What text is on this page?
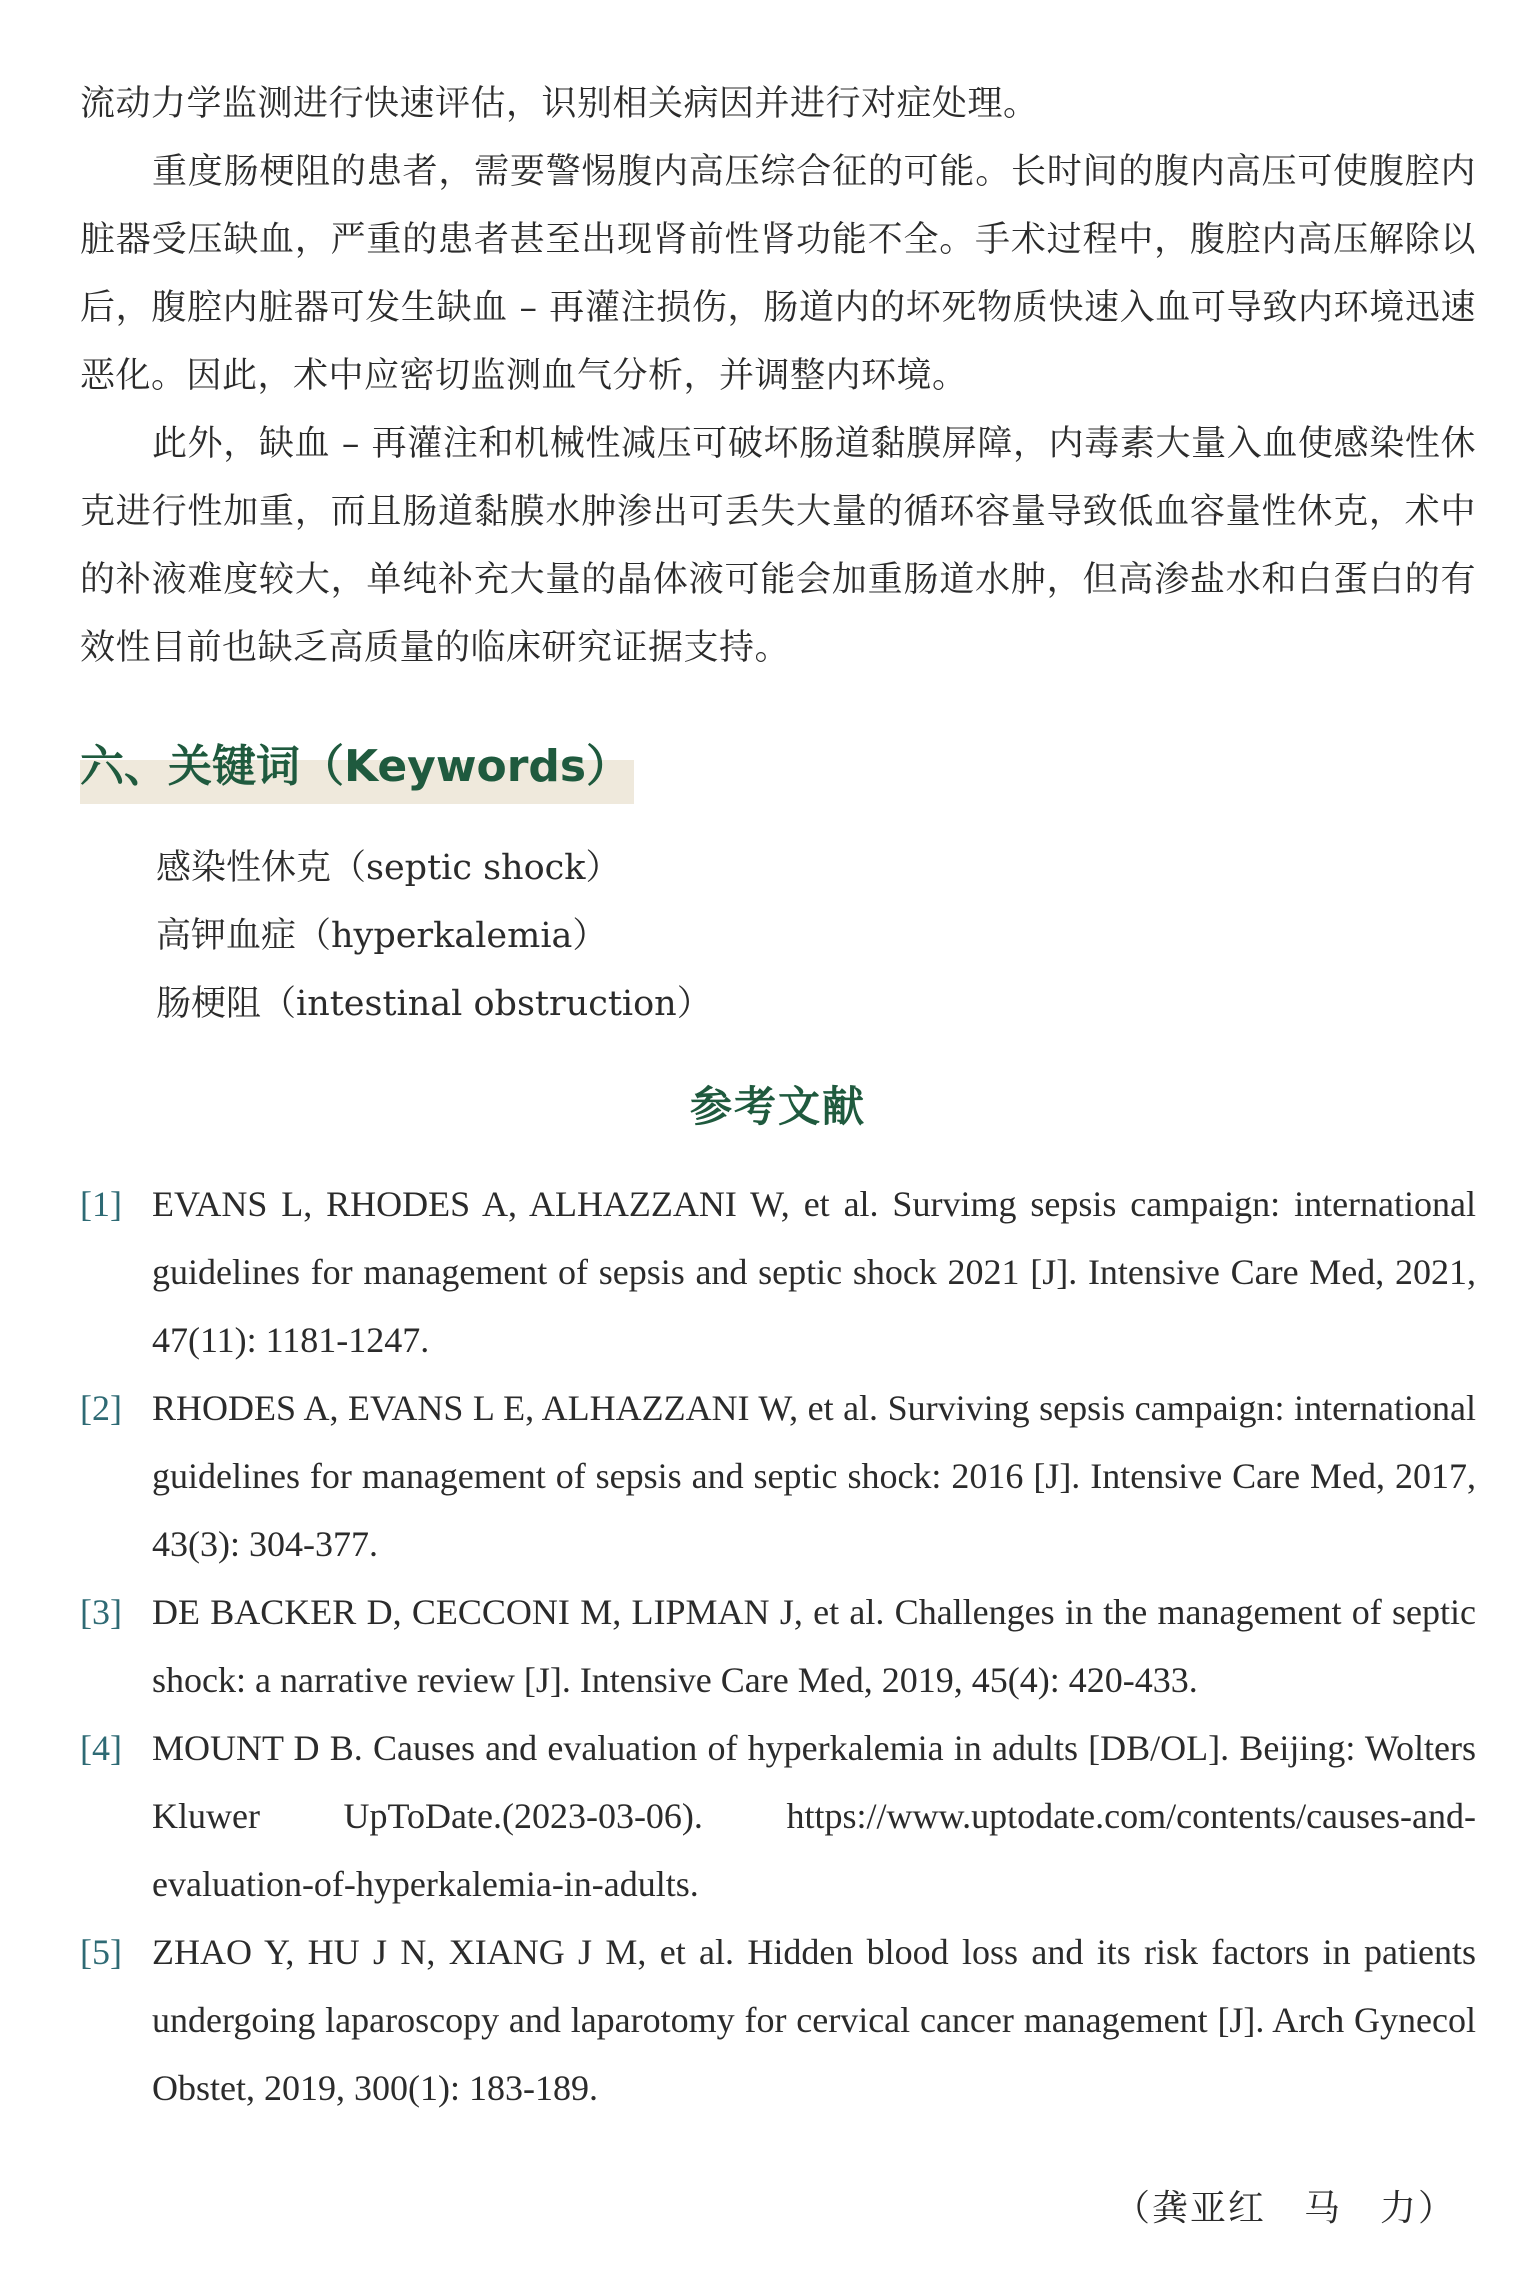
流动力学监测进行快速评估，识别相关病因并进行对症处理。

重度肠梗阻的患者，需要警惕腹内高压综合征的可能。长时间的腹内高压可使腹腔内脏器受压缺血，严重的患者甚至出现肾前性肾功能不全。手术过程中，腹腔内高压解除以后，腹腔内脏器可发生缺血 – 再灌注损伤，肠道内的坏死物质快速入血可导致内环境迅速恶化。因此，术中应密切监测血气分析，并调整内环境。

此外，缺血 – 再灌注和机械性减压可破坏肠道黏膜屏障，内毒素大量入血使感染性休克进行性加重，而且肠道黏膜水肿渗出可丢失大量的循环容量导致低血容量性休克，术中的补液难度较大，单纯补充大量的晶体液可能会加重肠道水肿，但高渗盐水和白蛋白的有效性目前也缺乏高质量的临床研究证据支持。

六、关键词（Keywords）
感染性休克（septic shock）
高钾血症（hyperkalemia）
肠梗阻（intestinal obstruction）
参考文献
[1] EVANS L, RHODES A, ALHAZZANI W, et al. Survimg sepsis campaign: international guidelines for management of sepsis and septic shock 2021 [J]. Intensive Care Med, 2021, 47(11): 1181-1247.
[2] RHODES A, EVANS L E, ALHAZZANI W, et al. Surviving sepsis campaign: international guidelines for management of sepsis and septic shock: 2016 [J]. Intensive Care Med, 2017, 43(3): 304-377.
[3] DE BACKER D, CECCONI M, LIPMAN J, et al. Challenges in the management of septic shock: a narrative review [J]. Intensive Care Med, 2019, 45(4): 420-433.
[4] MOUNT D B. Causes and evaluation of hyperkalemia in adults [DB/OL]. Beijing: Wolters Kluwer UpToDate.(2023-03-06). https://www.uptodate.com/contents/causes-and-evaluation-of-hyperkalemia-in-adults.
[5] ZHAO Y, HU J N, XIANG J M, et al. Hidden blood loss and its risk factors in patients undergoing laparoscopy and laparotomy for cervical cancer management [J]. Arch Gynecol Obstet, 2019, 300(1): 183-189.
（龚亚红　马　力）
